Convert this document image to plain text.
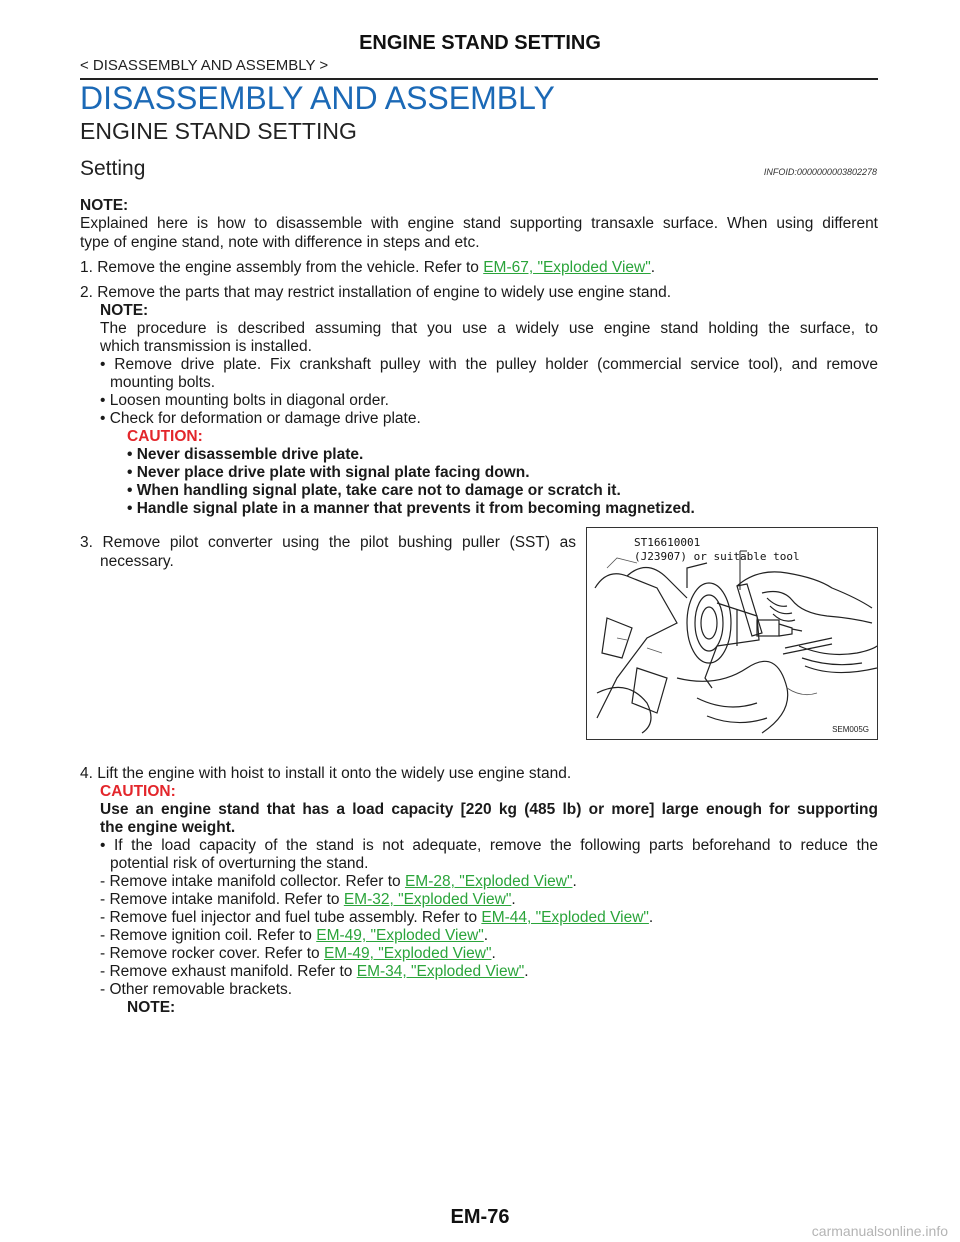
ENGINE STAND SETTING
< DISASSEMBLY AND ASSEMBLY >
DISASSEMBLY AND ASSEMBLY
ENGINE STAND SETTING
Setting	INFOID:0000000003802278
NOTE:
Explained here is how to disassemble with engine stand supporting transaxle surface. When using different
type of engine stand, note with difference in steps and etc.
1. Remove the engine assembly from the vehicle. Refer to EM-67, "Exploded View".
2. Remove the parts that may restrict installation of engine to widely use engine stand.
NOTE:
The procedure is described assuming that you use a widely use engine stand holding the surface, to
which transmission is installed.
• Remove drive plate. Fix crankshaft pulley with the pulley holder (commercial service tool), and remove
mounting bolts.
• Loosen mounting bolts in diagonal order.
• Check for deformation or damage drive plate.
CAUTION:
• Never disassemble drive plate.
• Never place drive plate with signal plate facing down.
• When handling signal plate, take care not to damage or scratch it.
• Handle signal plate in a manner that prevents it from becoming magnetized.
3. Remove pilot converter using the pilot bushing puller (SST) as
necessary.
4. Lift the engine with hoist to install it onto the widely use engine stand.
CAUTION:
Use an engine stand that has a load capacity [220 kg (485 lb) or more] large enough for supporting
the engine weight.
• If the load capacity of the stand is not adequate, remove the following parts beforehand to reduce the
potential risk of overturning the stand.
- Remove intake manifold collector. Refer to EM-28, "Exploded View".
- Remove intake manifold. Refer to EM-32, "Exploded View".
- Remove fuel injector and fuel tube assembly. Refer to EM-44, "Exploded View".
- Remove ignition coil. Refer to EM-49, "Exploded View".
- Remove rocker cover. Refer to EM-49, "Exploded View".
- Remove exhaust manifold. Refer to EM-34, "Exploded View".
- Other removable brackets.
NOTE:
ST16610001
(J23907) or suitable tool
SEM005G
EM-76
carmanualsonline.info
